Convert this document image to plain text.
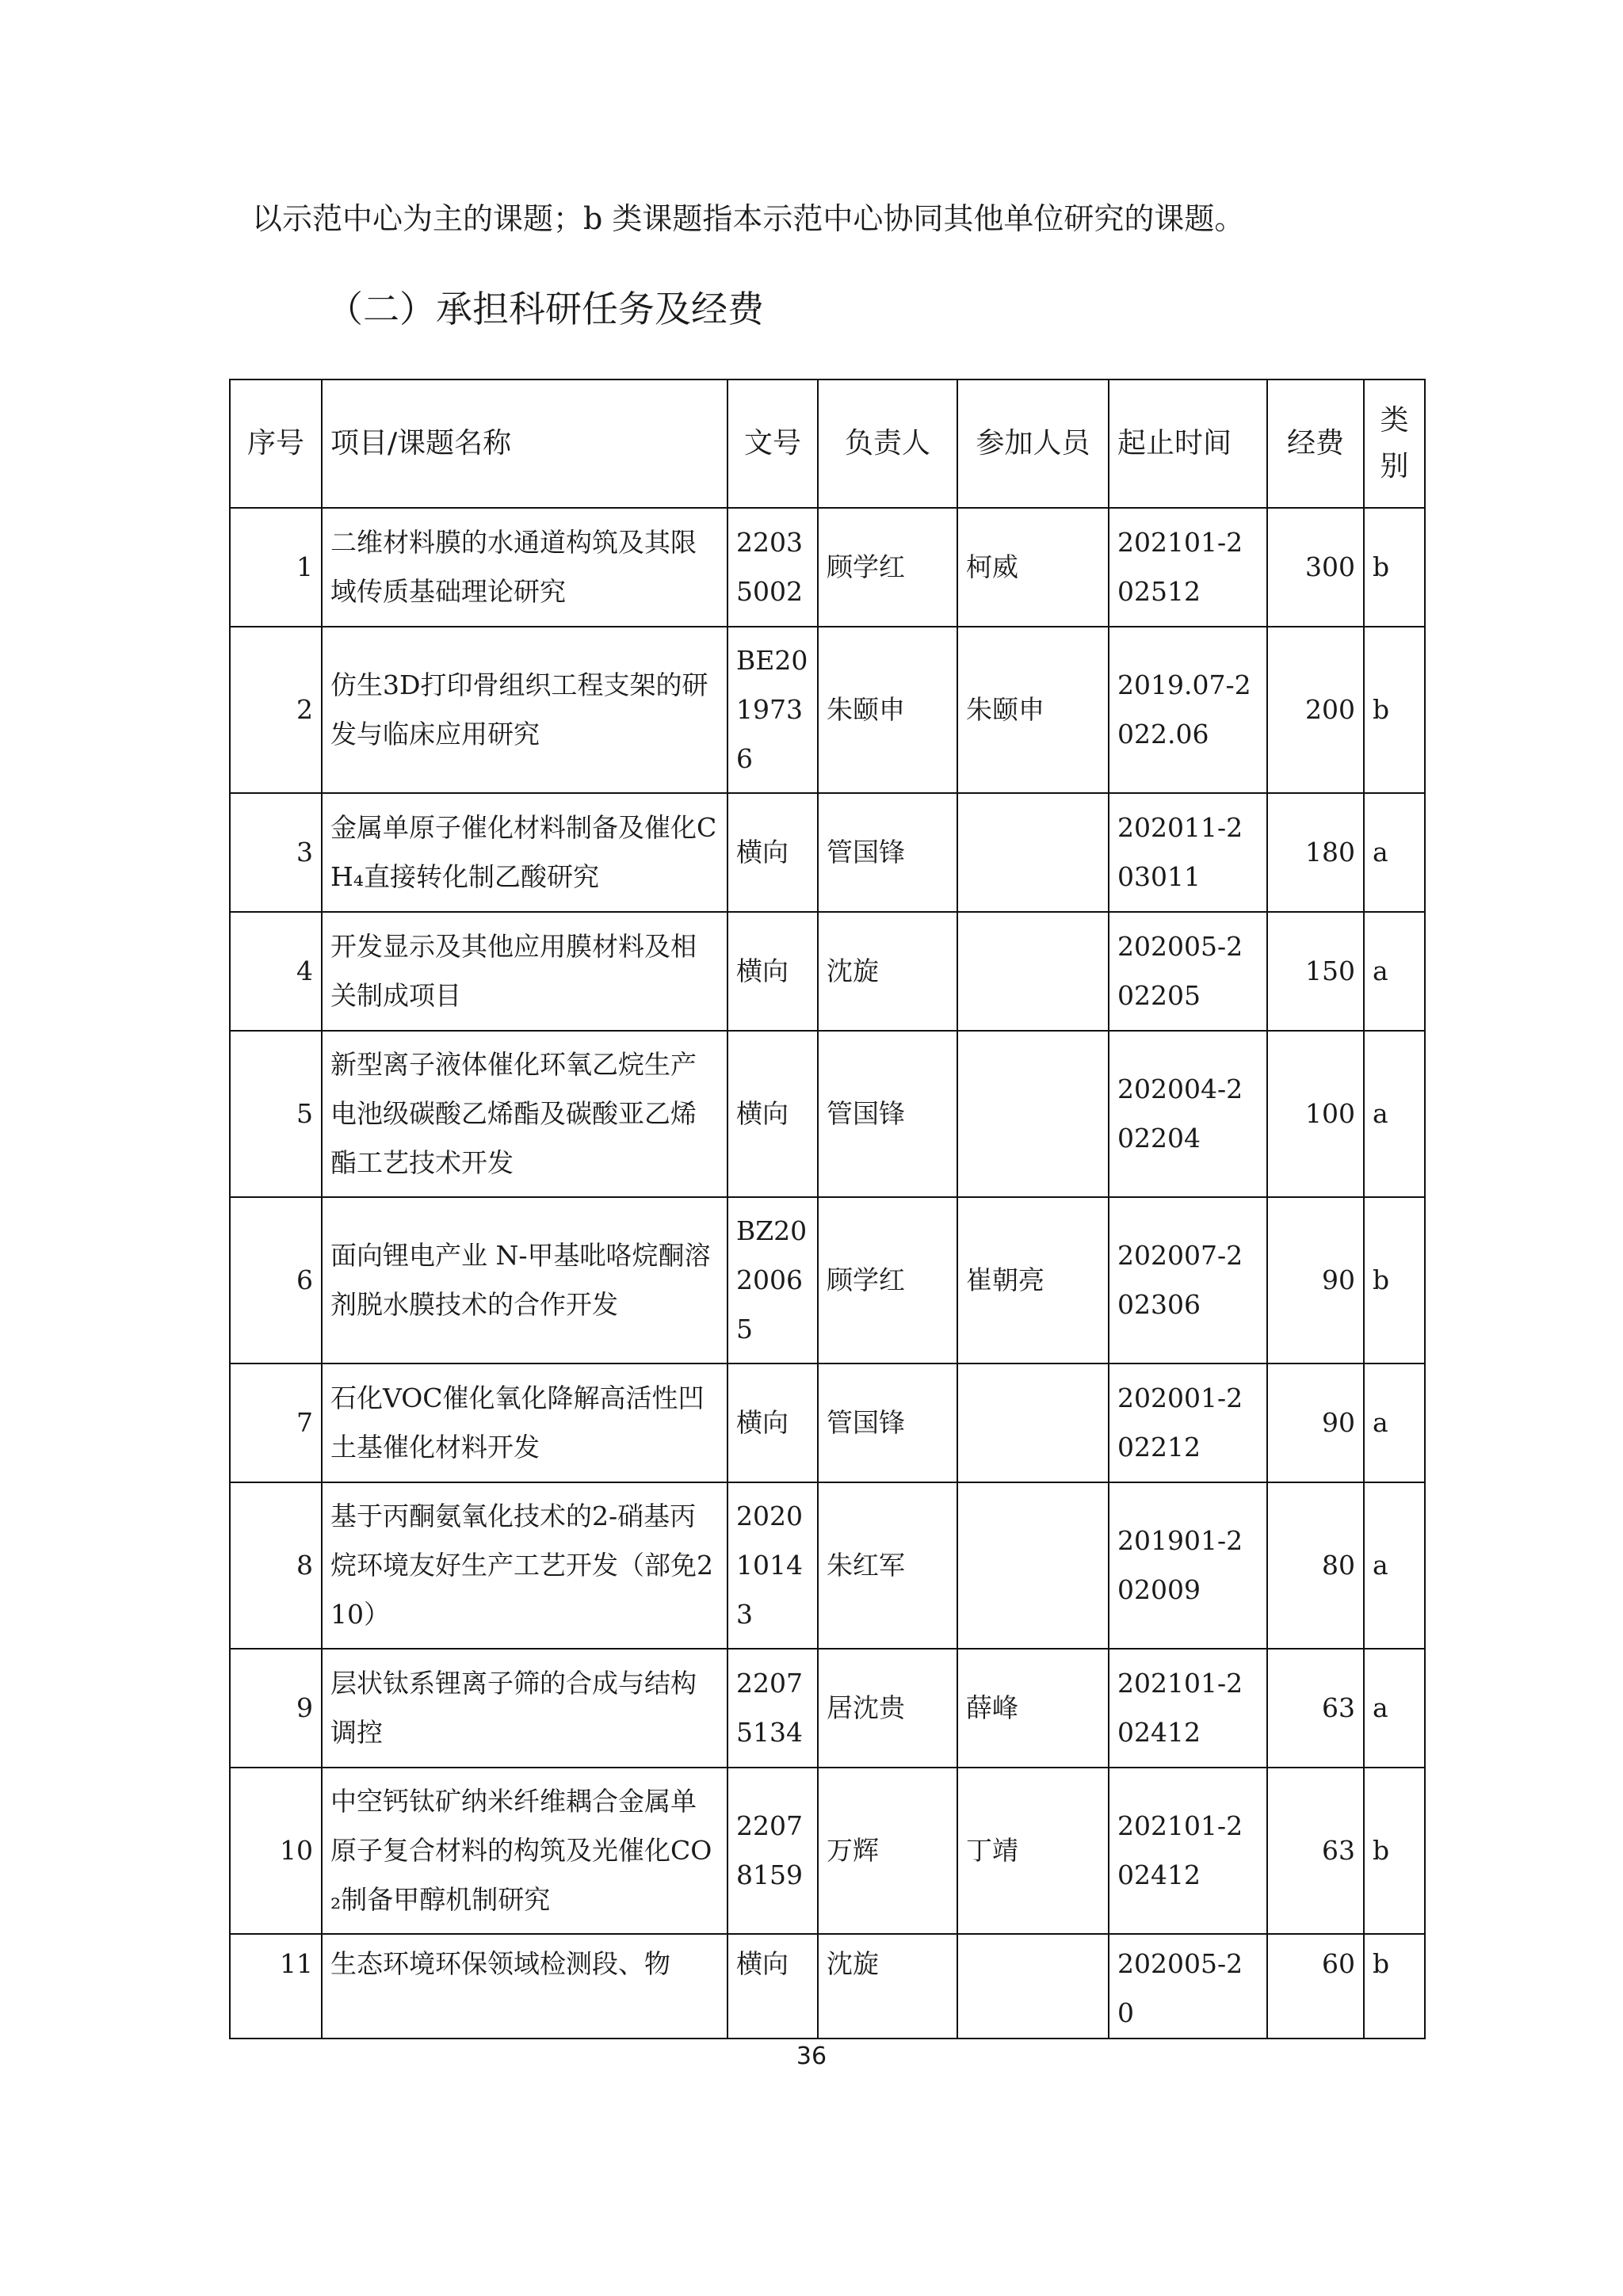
以示范中心为主的课题；b 类课题指本示范中心协同其他单位研究的课题。
（二）承担科研任务及经费
序号	项目/课题名称	文号	负责人	参加人员	起止时间	经费	类别
1	二维材料膜的水通道构筑及其限域传质基础理论研究	22035002	顾学红	柯威	202101-202512	300	b
2	仿生3D打印骨组织工程支架的研发与临床应用研究	BE2019736	朱颐申	朱颐申	2019.07-2022.06	200	b
3	金属单原子催化材料制备及催化CH₄直接转化制乙酸研究	横向	管国锋		202011-203011	180	a
4	开发显示及其他应用膜材料及相关制成项目	横向	沈旋		202005-202205	150	a
5	新型离子液体催化环氧乙烷生产电池级碳酸乙烯酯及碳酸亚乙烯酯工艺技术开发	横向	管国锋		202004-202204	100	a
6	面向锂电产业 N-甲基吡咯烷酮溶剂脱水膜技术的合作开发	BZ2020065	顾学红	崔朝亮	202007-202306	90	b
7	石化VOC催化氧化降解高活性凹土基催化材料开发	横向	管国锋		202001-202212	90	a
8	基于丙酮氨氧化技术的2-硝基丙烷环境友好生产工艺开发（部免210）	202010143	朱红军		201901-202009	80	a
9	层状钛系锂离子筛的合成与结构调控	22075134	居沈贵	薛峰	202101-202412	63	a
10	中空钙钛矿纳米纤维耦合金属单原子复合材料的构筑及光催化CO₂制备甲醇机制研究	22078159	万辉	丁靖	202101-202412	63	b
11	生态环境环保领域检测段、物	横向	沈旋		202005-20	60	b
36
